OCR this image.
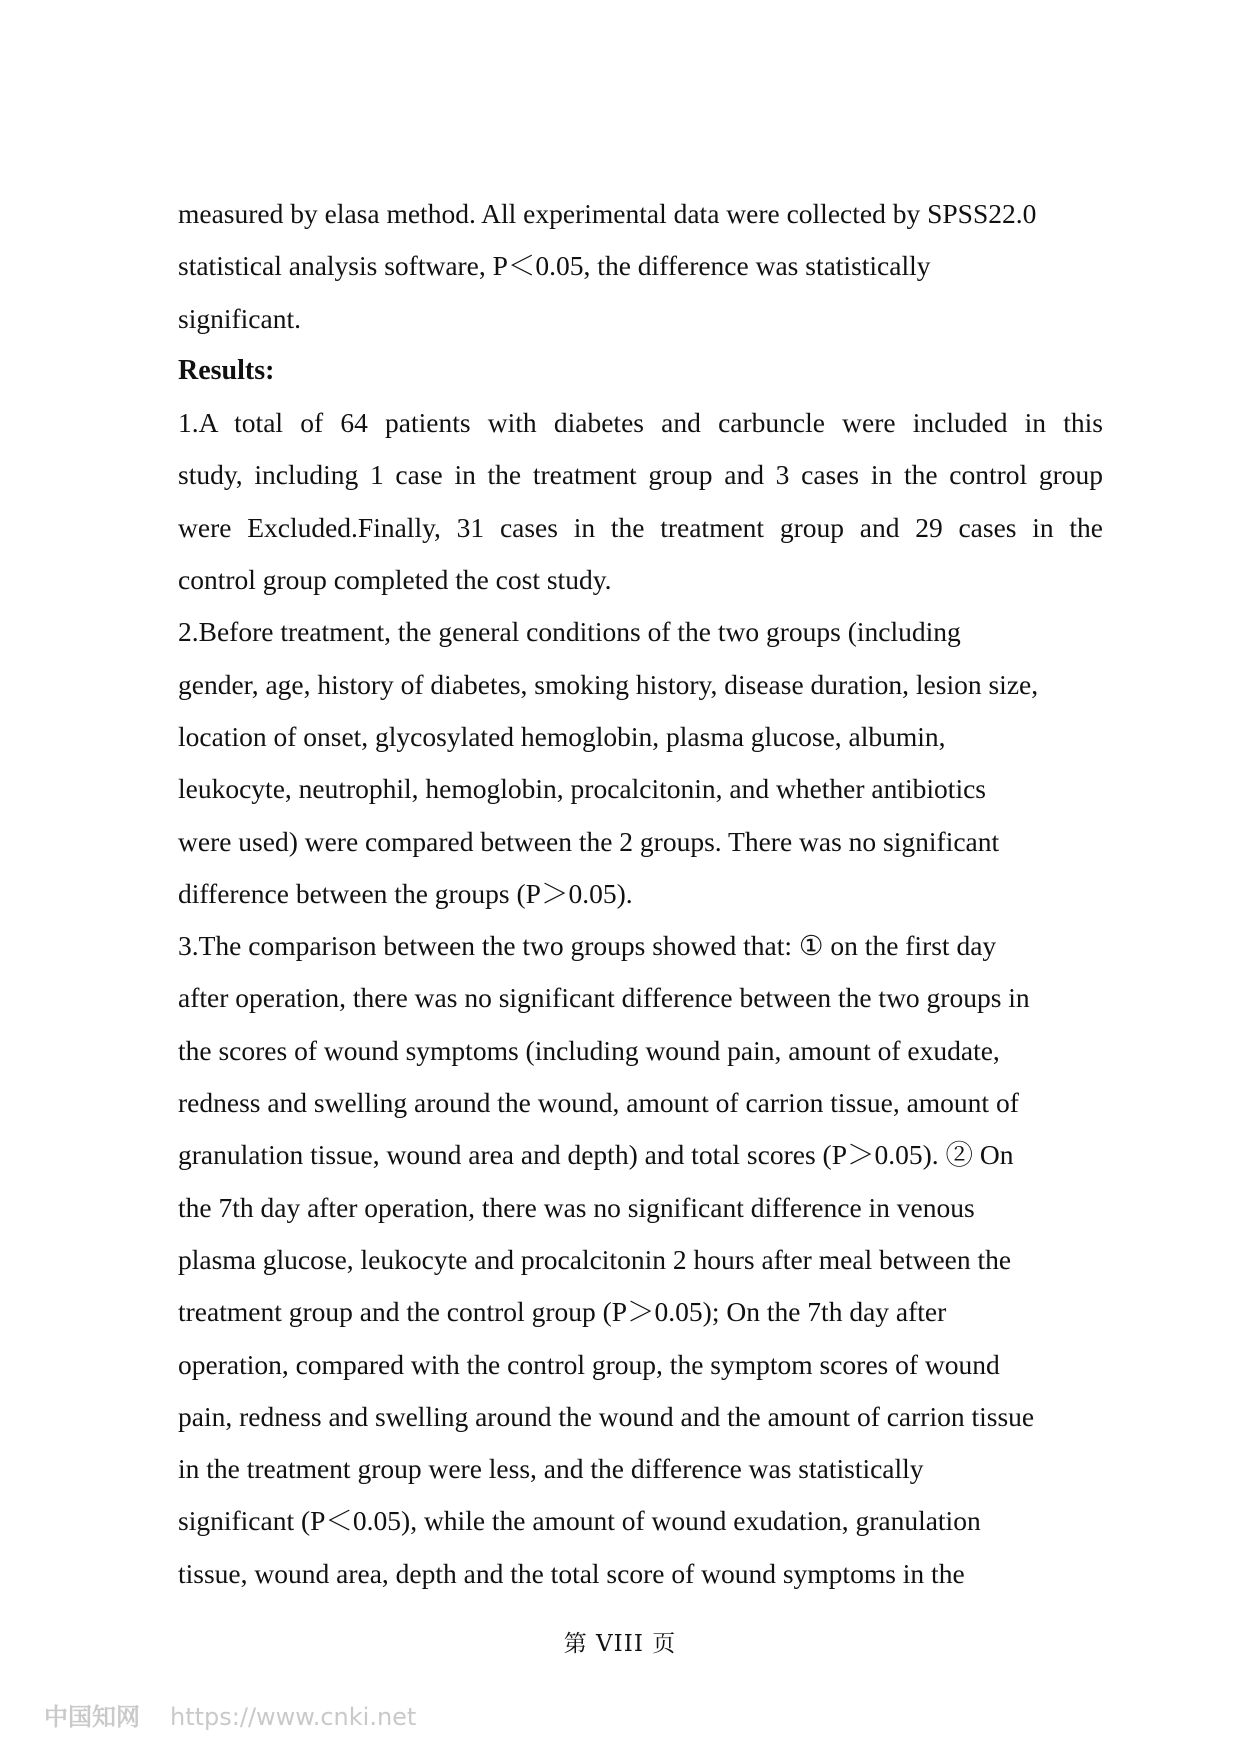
measured by elasa method. All experimental data were collected by SPSS22.0
statistical analysis software, P＜0.05, the difference was statistically
significant.
Results:
1.A total of 64 patients with diabetes and carbuncle were included in this
study, including 1 case in the treatment group and 3 cases in the control group
were Excluded.Finally, 31 cases in the treatment group and 29 cases in the
control group completed the cost study.
2.Before treatment, the general conditions of the two groups (including
gender, age, history of diabetes, smoking history, disease duration, lesion size,
location of onset, glycosylated hemoglobin, plasma glucose, albumin,
leukocyte, neutrophil, hemoglobin, procalcitonin, and whether antibiotics
were used) were compared between the 2 groups. There was no significant
difference between the groups (P＞0.05).
3.The comparison between the two groups showed that: ① on the first day
after operation, there was no significant difference between the two groups in
the scores of wound symptoms (including wound pain, amount of exudate,
redness and swelling around the wound, amount of carrion tissue, amount of
granulation tissue, wound area and depth) and total scores (P＞0.05). ② On
the 7th day after operation, there was no significant difference in venous
plasma glucose, leukocyte and procalcitonin 2 hours after meal between the
treatment group and the control group (P＞0.05); On the 7th day after
operation, compared with the control group, the symptom scores of wound
pain, redness and swelling around the wound and the amount of carrion tissue
in the treatment group were less, and the difference was statistically
significant (P＜0.05), while the amount of wound exudation, granulation
tissue, wound area, depth and the total score of wound symptoms in the
第 VIII 页
中国知网 https://www.cnki.net
